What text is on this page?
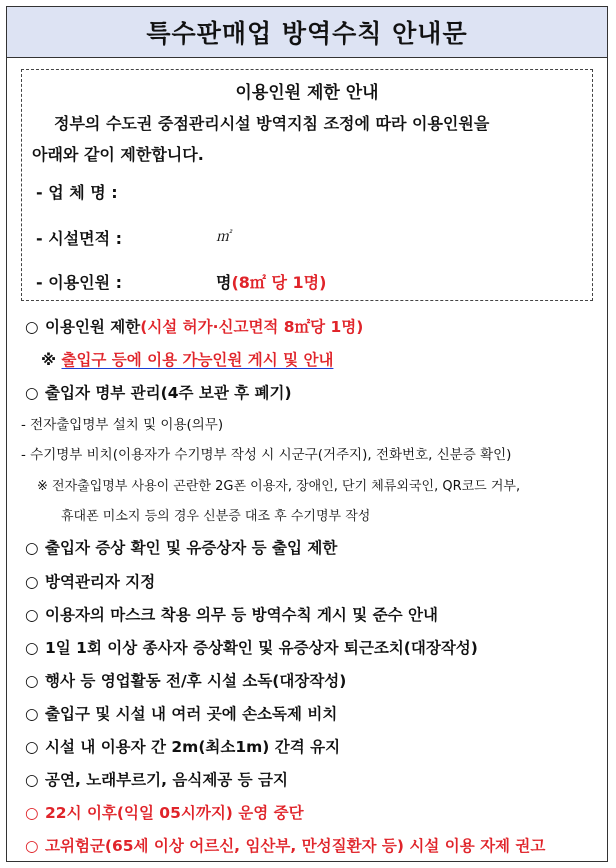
특수판매업 방역수칙 안내문
이용인원 제한 안내
정부의 수도권 중점관리시설 방역지침 조정에 따라 이용인원을
아래와 같이 제한합니다.
- 업 체 명 :
- 시설면적 :	㎡
- 이용인원 :	명(8㎡ 당 1명)
○ 이용인원 제한(시설 허가·신고면적 8㎡당 1명)
※ 출입구 등에 이용 가능인원 게시 및 안내
○ 출입자 명부 관리(4주 보관 후 폐기)
- 전자출입명부 설치 및 이용(의무)
- 수기명부 비치(이용자가 수기명부 작성 시 시군구(거주지), 전화번호, 신분증 확인)
※ 전자출입명부 사용이 곤란한 2G폰 이용자, 장애인, 단기 체류외국인, QR코드 거부,
휴대폰 미소지 등의 경우 신분증 대조 후 수기명부 작성
○ 출입자 증상 확인 및 유증상자 등 출입 제한
○ 방역관리자 지정
○ 이용자의 마스크 착용 의무 등 방역수칙 게시 및 준수 안내
○ 1일 1회 이상 종사자 증상확인 및 유증상자 퇴근조치(대장작성)
○ 행사 등 영업활동 전/후 시설 소독(대장작성)
○ 출입구 및 시설 내 여러 곳에 손소독제 비치
○ 시설 내 이용자 간 2m(최소1m) 간격 유지
○ 공연, 노래부르기, 음식제공 등 금지
○ 22시 이후(익일 05시까지) 운영 중단
○ 고위험군(65세 이상 어르신, 임산부, 만성질환자 등) 시설 이용 자제 권고
